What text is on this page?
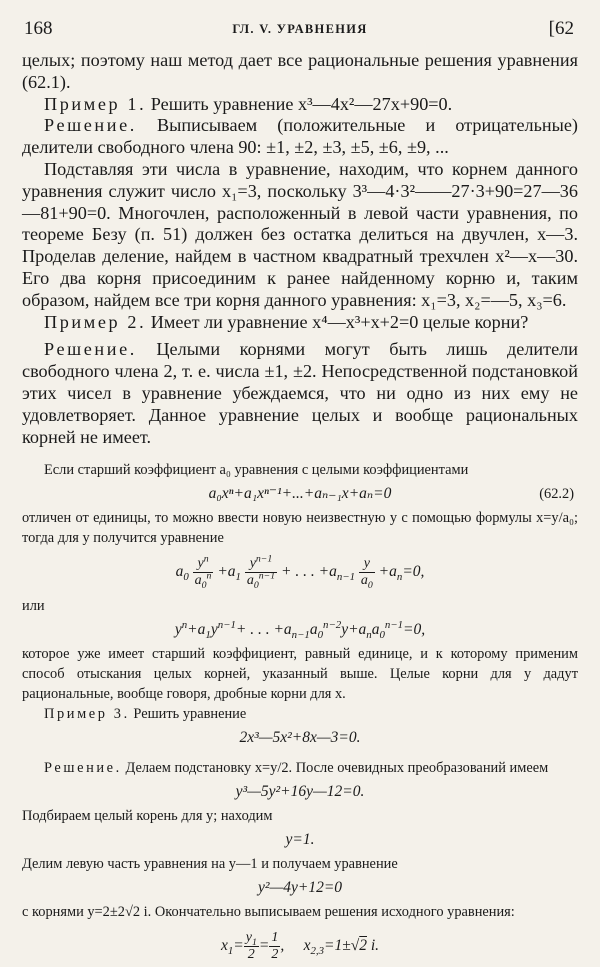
168	ГЛ. V. УРАВНЕНИЯ	[62

целых; поэтому наш метод дает все рациональные решения уравнения (62.1).

Пример 1. Решить уравнение x³—4x²—27x+90=0.

Решение. Выписываем (положительные и отрицательные) делители свободного члена 90: ±1, ±2, ±3, ±5, ±6, ±9, ...

Подставляя эти числа в уравнение, находим, что корнем данного уравнения служит число x₁=3, поскольку 3³—4·3²——27·3+90=27—36—81+90=0. Многочлен, расположенный в левой части уравнения, по теореме Безу (п. 51) должен без остатка делиться на двучлен, x—3. Проделав деление, найдем в частном квадратный трехчлен x²—x—30. Его два корня присоединим к ранее найденному корню и, таким образом, найдем все три корня данного уравнения: x₁=3, x₂=—5, x₃=6.

Пример 2. Имеет ли уравнение x⁴—x³+x+2=0 целые корни?

Решение. Целыми корнями могут быть лишь делители свободного члена 2, т. е. числа ±1, ±2. Непосредственной подстановкой этих чисел в уравнение убеждаемся, что ни одно из них ему не удовлетворяет. Данное уравнение целых и вообще рациональных корней не имеет.

Если старший коэффициент a₀ уравнения с целыми коэффициентами

a₀xⁿ+a₁xⁿ⁻¹+...+aₙ₋₁x+aₙ=0	(62.2)

отличен от единицы, то можно ввести новую неизвестную y с помощью формулы x=y/a₀; тогда для y получится уравнение

$a_0 \frac{y^n}{a_0^n} +a_1 \frac{y^{n-1}}{a_0^{n-1}}$ + . . . $+a_{n-1} \frac{y}{a_0} +a_n=0$,

или

$y^n+a_1y^{n-1}+$ . . . $+a_{n-1}a_0^{n-2}y+a_na_0^{n-1}=0$,

которое уже имеет старший коэффициент, равный единице, и к которому применим способ отыскания целых корней, указанный выше. Целые корни для y дадут рациональные, вообще говоря, дробные корни для x.

Пример 3. Решить уравнение

2x³—5x²+8x—3=0.

Решение. Делаем подстановку x=y/2. После очевидных преобразований имеем

y³—5y²+16y—12=0.

Подбираем целый корень для y; находим

y=1.

Делим левую часть уравнения на y—1 и получаем уравнение

y²—4y+12=0

с корнями y=2±2√2 i. Окончательно выписываем решения исходного уравнения:

$x_1= \frac{y_1}{2} = \frac{1}{2}$ ,     $x_{2,3}=1\pm√2$ i.
